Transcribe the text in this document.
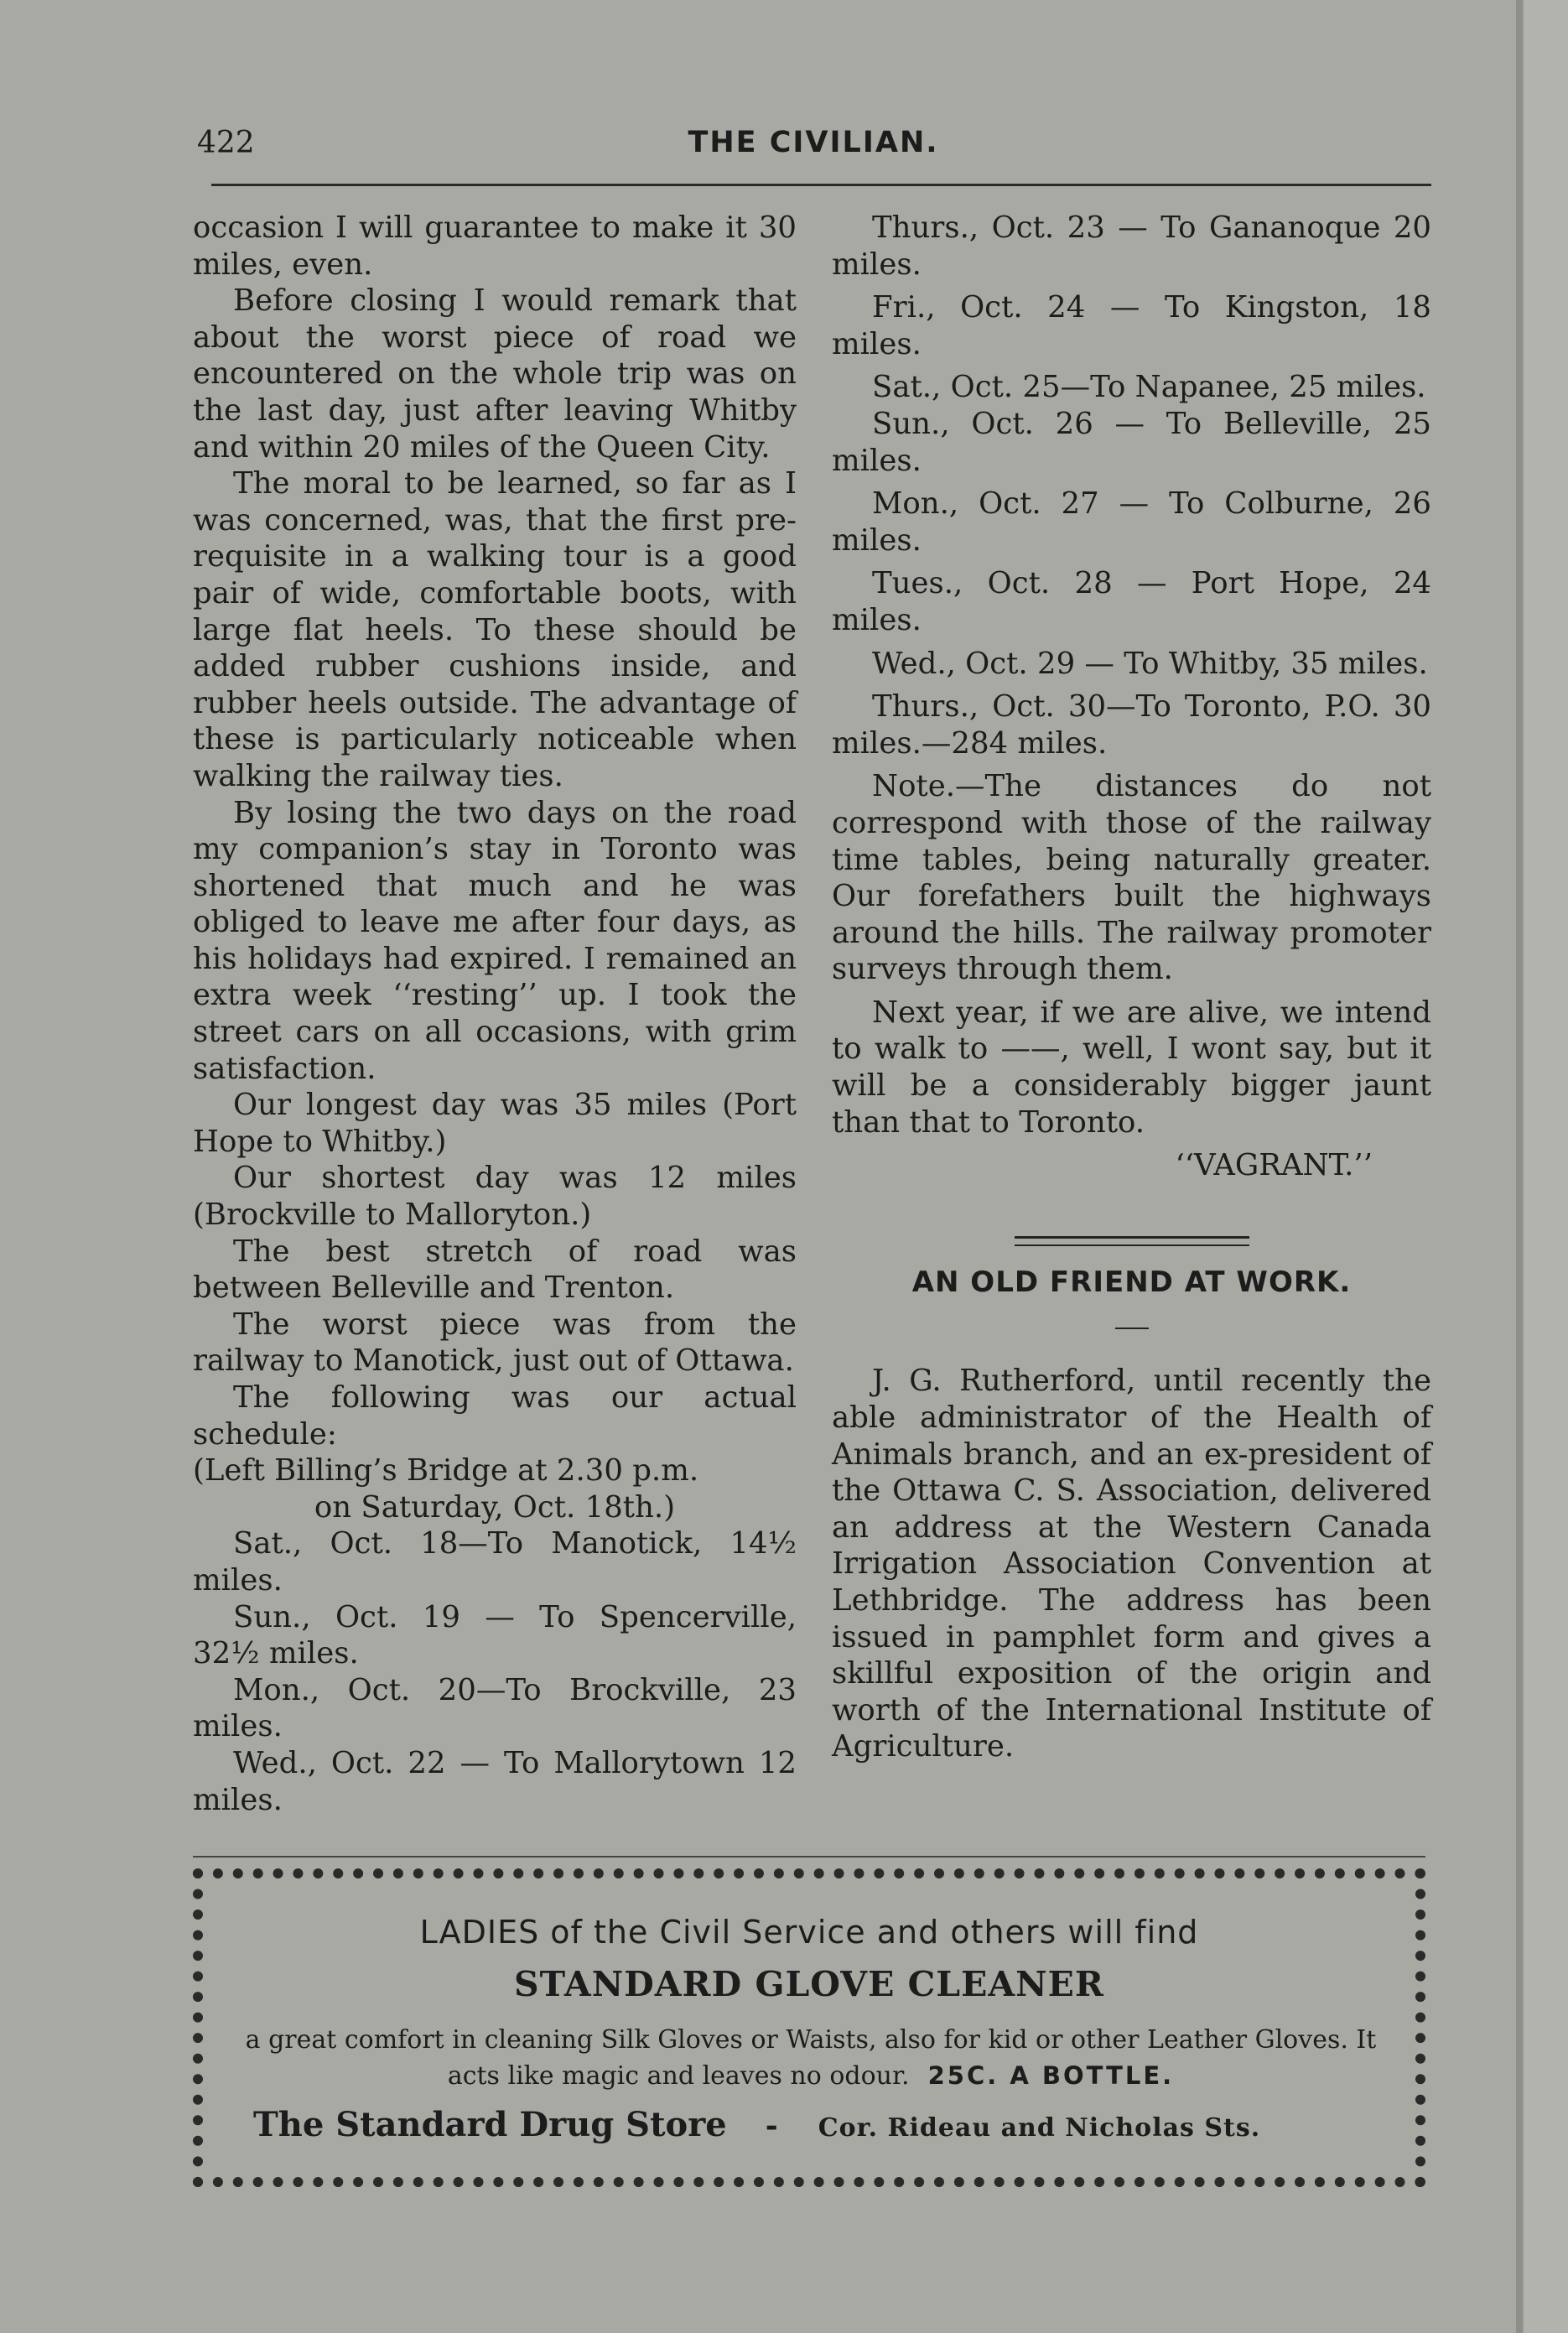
422	THE CIVILIAN.

occasion I will guarantee to make it 30 miles, even.

Before closing I would remark that about the worst piece of road we encountered on the whole trip was on the last day, just after leaving Whitby and within 20 miles of the Queen City.

The moral to be learned, so far as I was concerned, was, that the first pre-requisite in a walking tour is a good pair of wide, comfortable boots, with large flat heels. To these should be added rubber cushions inside, and rubber heels outside. The advantage of these is particularly noticeable when walking the railway ties.

By losing the two days on the road my companion’s stay in Toronto was shortened that much and he was obliged to leave me after four days, as his holidays had expired. I remained an extra week ‘‘resting’’ up. I took the street cars on all occasions, with grim satisfaction.

Our longest day was 35 miles (Port Hope to Whitby.)

Our shortest day was 12 miles (Brockville to Malloryton.)

The best stretch of road was between Belleville and Trenton.

The worst piece was from the railway to Manotick, just out of Ottawa.

The following was our actual schedule:

(Left Billing’s Bridge at 2.30 p.m.

on Saturday, Oct. 18th.)

Sat., Oct. 18—To Manotick, 14½ miles.

Sun., Oct. 19 — To Spencerville, 32½ miles.

Mon., Oct. 20—To Brockville, 23 miles.

Wed., Oct. 22 — To Mallorytown 12 miles.

Thurs., Oct. 23 — To Gananoque 20 miles.

Fri., Oct. 24 — To Kingston, 18 miles.

Sat., Oct. 25—To Napanee, 25 miles.

Sun., Oct. 26 — To Belleville, 25 miles.

Mon., Oct. 27 — To Colburne, 26 miles.

Tues., Oct. 28 — Port Hope, 24 miles.

Wed., Oct. 29 — To Whitby, 35 miles.

Thurs., Oct. 30—To Toronto, P.O. 30 miles.—284 miles.

Note.—The distances do not correspond with those of the railway time tables, being naturally greater. Our forefathers built the highways around the hills. The railway promoter surveys through them.

Next year, if we are alive, we intend to walk to ——, well, I wont say, but it will be a considerably bigger jaunt than that to Toronto.

‘‘VAGRANT.’’

AN OLD FRIEND AT WORK.

J. G. Rutherford, until recently the able administrator of the Health of Animals branch, and an ex-president of the Ottawa C. S. Association, delivered an address at the Western Canada Irrigation Association Convention at Lethbridge. The address has been issued in pamphlet form and gives a skillful exposition of the origin and worth of the International Institute of Agriculture.

LADIES of the Civil Service and others will find
STANDARD GLOVE CLEANER
a great comfort in cleaning Silk Gloves or Waists, also for kid or other Leather Gloves. It acts like magic and leaves no odour. 25C. A BOTTLE.
The Standard Drug Store - Cor. Rideau and Nicholas Sts.
